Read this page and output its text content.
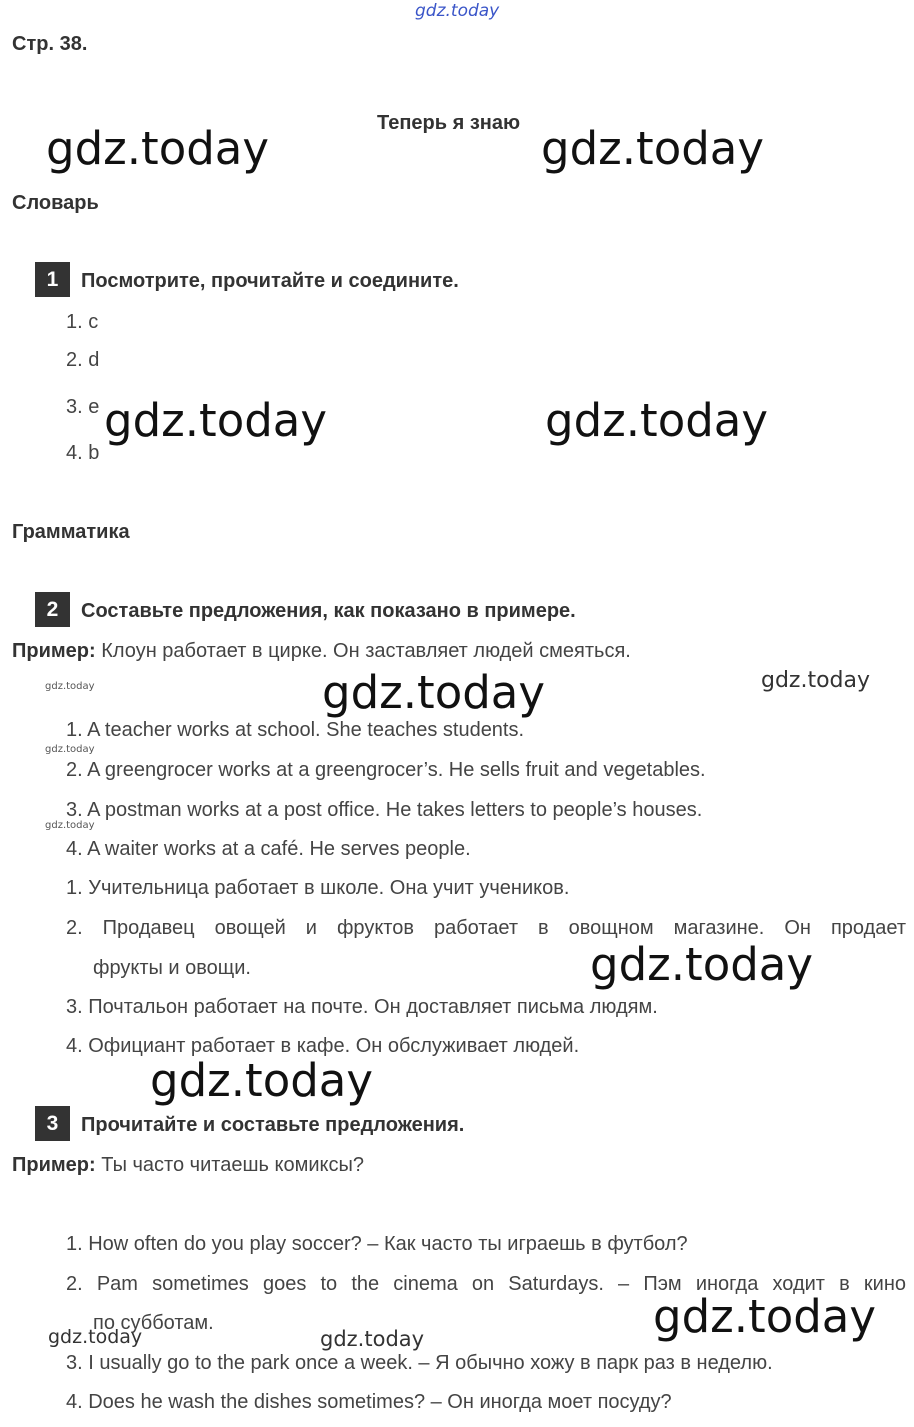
gdz.today
Стр. 38.
Теперь я знаю
gdz.today	gdz.today
Словарь
1	Посмотрите, прочитайте и соедините.
1. c
2. d
3. e
4. b
gdz.today	gdz.today
Грамматика
2	Составьте предложения, как показано в примере.
Пример: Клоун работает в цирке. Он заставляет людей смеяться.
gdz.today	gdz.today	gdz.today
1. A teacher works at school. She teaches students.
gdz.today
2. A greengrocer works at a greengrocer’s. He sells fruit and vegetables.
3. A postman works at a post office. He takes letters to people’s houses.
gdz.today
4. A waiter works at a café. He serves people.
1. Учительница работает в школе. Она учит учеников.
2. Продавец овощей и фруктов работает в овощном магазине. Он продает
фрукты и овощи.	gdz.today
3. Почтальон работает на почте. Он доставляет письма людям.
4. Официант работает в кафе. Он обслуживает людей.
gdz.today
3	Прочитайте и составьте предложения.
Пример: Ты часто читаешь комиксы?
1. How often do you play soccer? – Как часто ты играешь в футбол?
2. Pam sometimes goes to the cinema on Saturdays. – Пэм иногда ходит в кино
по субботам.	gdz.today
gdz.today	gdz.today
3. I usually go to the park once a week. – Я обычно хожу в парк раз в неделю.
4. Does he wash the dishes sometimes? – Он иногда моет посуду?
